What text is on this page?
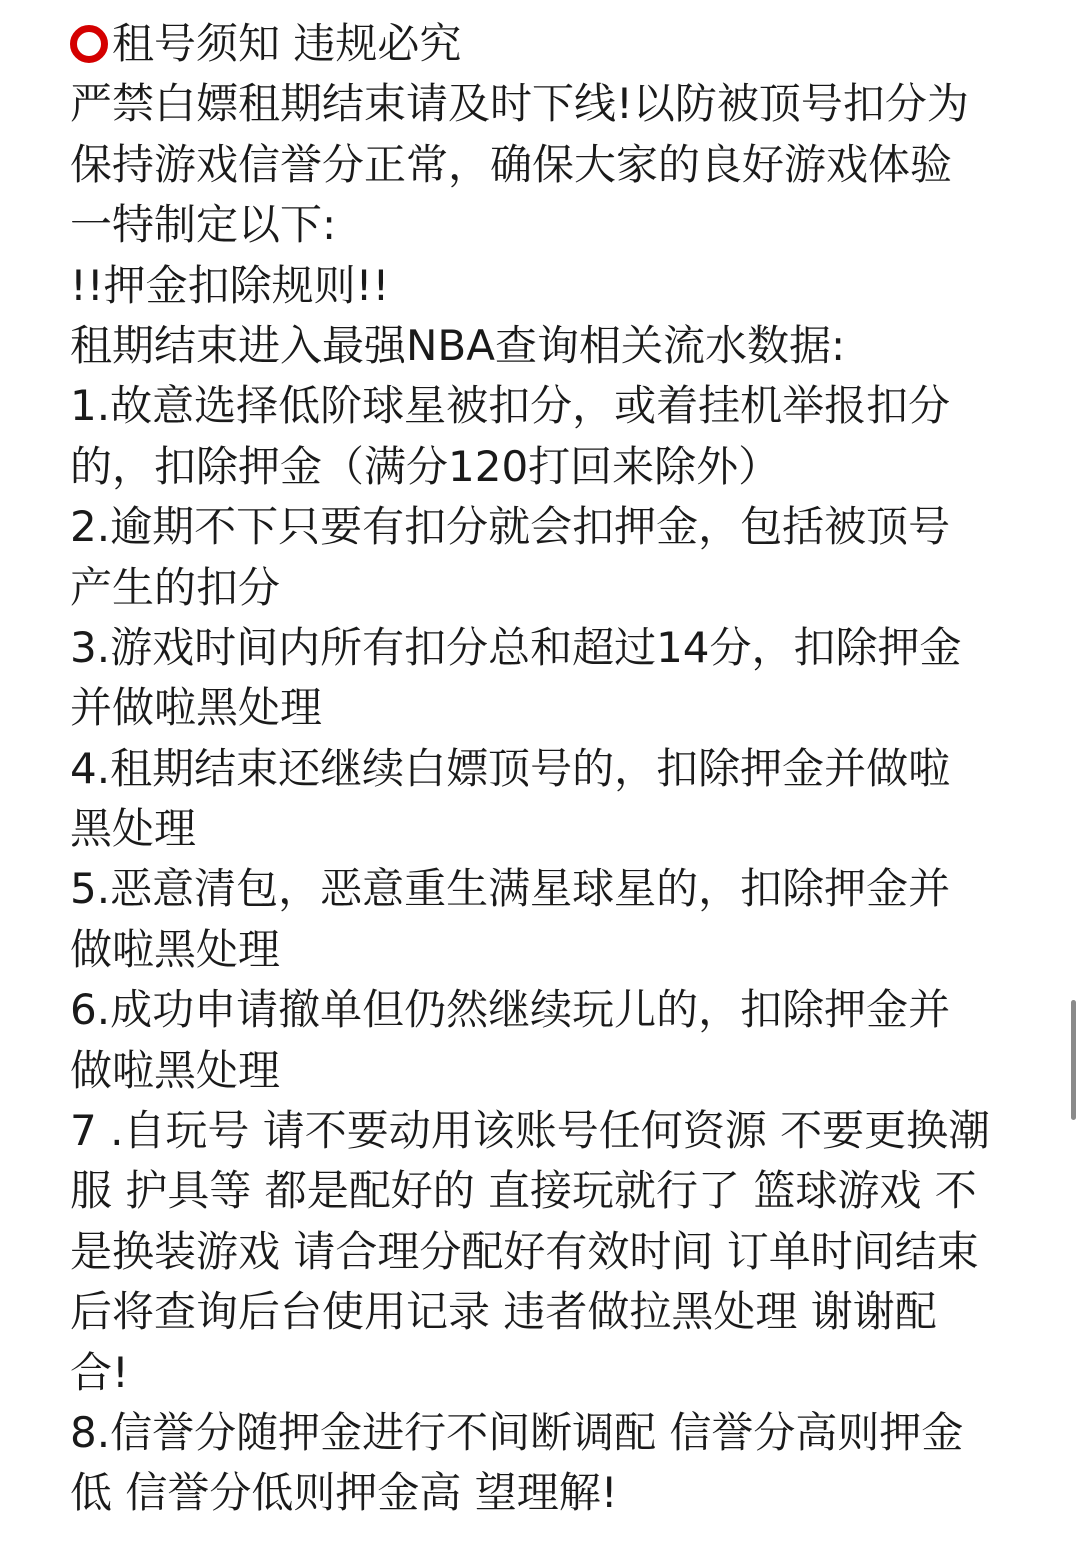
租号须知 违规必究
严禁白嫖租期结束请及时下线!以防被顶号扣分为
保持游戏信誉分正常，确保大家的良好游戏体验
一特制定以下:
!!押金扣除规则!!
租期结束进入最强NBA查询相关流水数据:
1.故意选择低阶球星被扣分，或着挂机举报扣分
的，扣除押金（满分120打回来除外）
2.逾期不下只要有扣分就会扣押金，包括被顶号
产生的扣分
3.游戏时间内所有扣分总和超过14分，扣除押金
并做啦黑处理
4.租期结束还继续白嫖顶号的，扣除押金并做啦
黑处理
5.恶意清包，恶意重生满星球星的，扣除押金并
做啦黑处理
6.成功申请撤单但仍然继续玩儿的，扣除押金并
做啦黑处理
7 .自玩号 请不要动用该账号任何资源 不要更换潮
服 护具等 都是配好的 直接玩就行了 篮球游戏 不
是换装游戏 请合理分配好有效时间 订单时间结束
后将查询后台使用记录 违者做拉黑处理 谢谢配
合!
8.信誉分随押金进行不间断调配 信誉分高则押金
低 信誉分低则押金高 望理解!
